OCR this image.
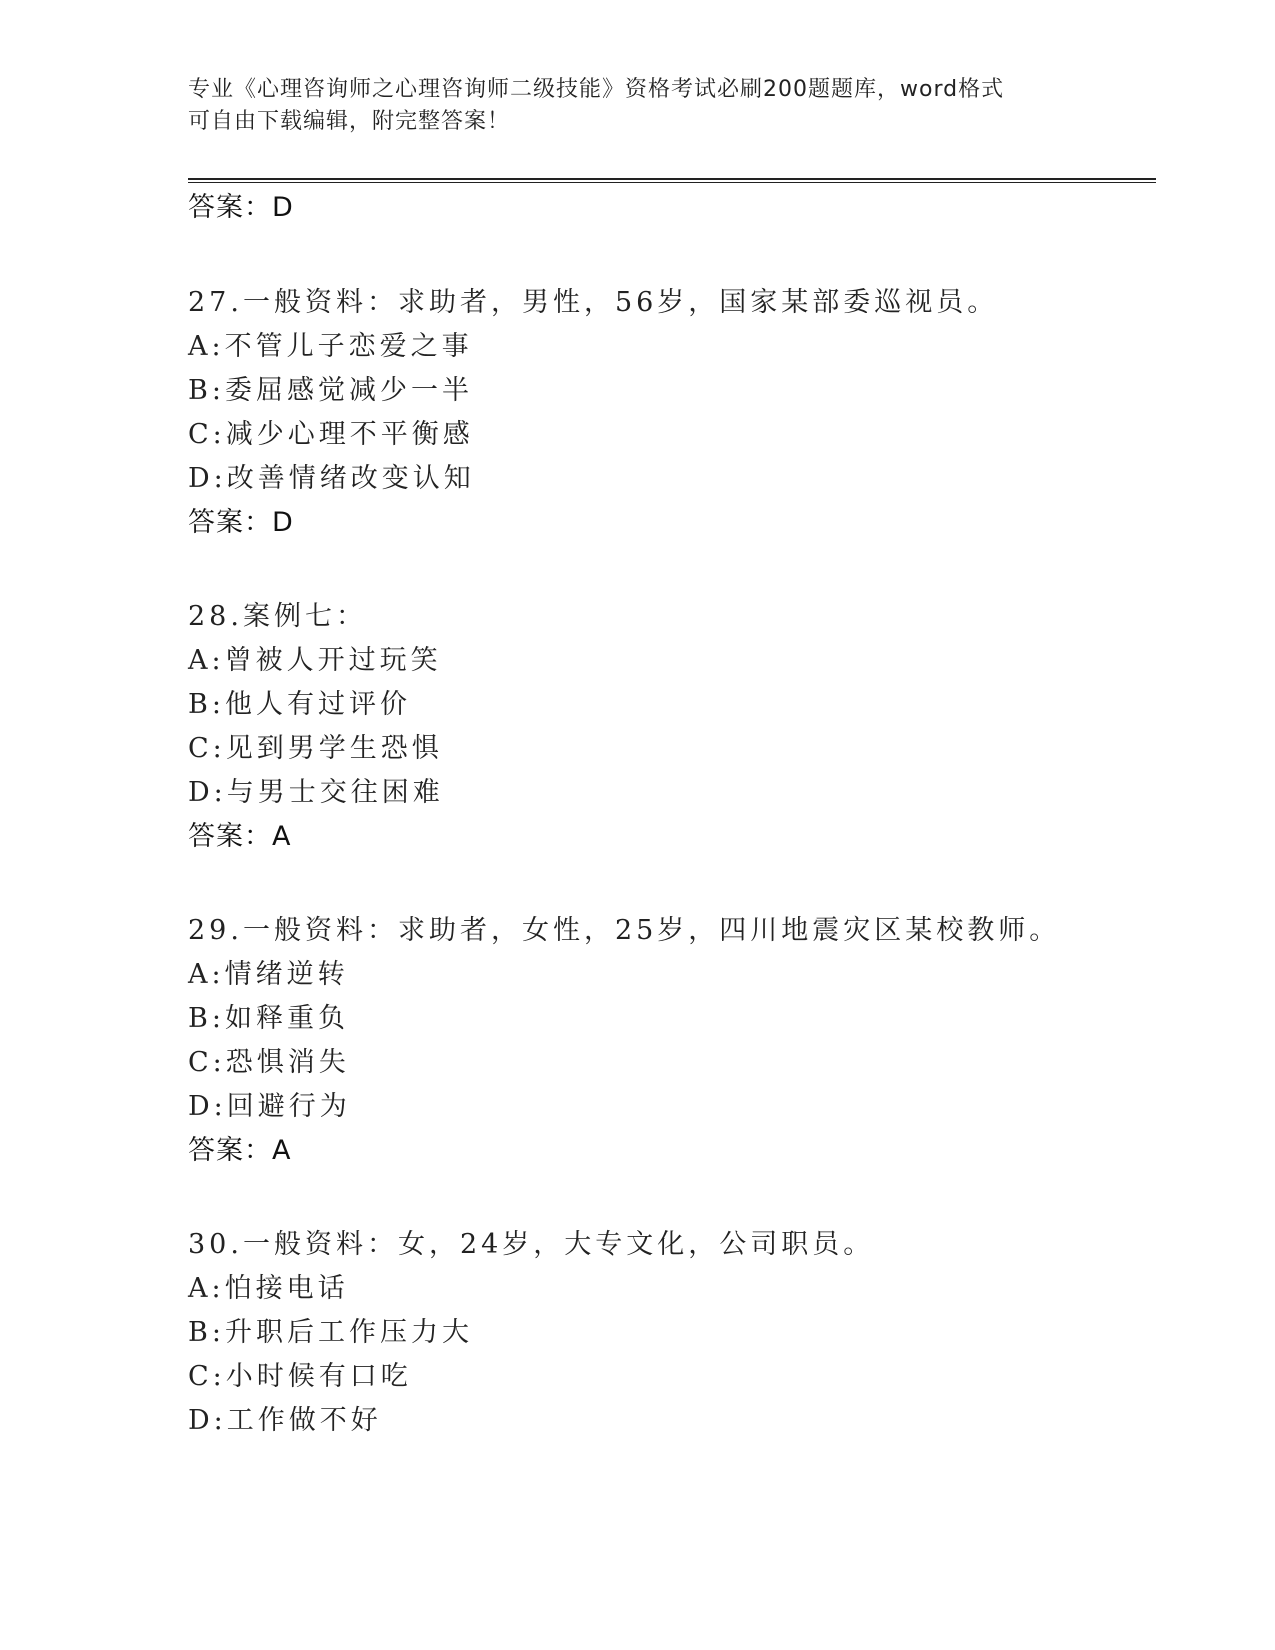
专业《心理咨询师之心理咨询师二级技能》资格考试必刷200题题库，word格式
可自由下载编辑，附完整答案！
答案：D
27.一般资料：求助者，男性，56岁，国家某部委巡视员。
A:不管儿子恋爱之事
B:委屈感觉减少一半
C:减少心理不平衡感
D:改善情绪改变认知
答案：D
28.案例七：
A:曾被人开过玩笑
B:他人有过评价
C:见到男学生恐惧
D:与男士交往困难
答案：A
29.一般资料：求助者，女性，25岁，四川地震灾区某校教师。
A:情绪逆转
B:如释重负
C:恐惧消失
D:回避行为
答案：A
30.一般资料：女，24岁，大专文化，公司职员。
A:怕接电话
B:升职后工作压力大
C:小时候有口吃
D:工作做不好
